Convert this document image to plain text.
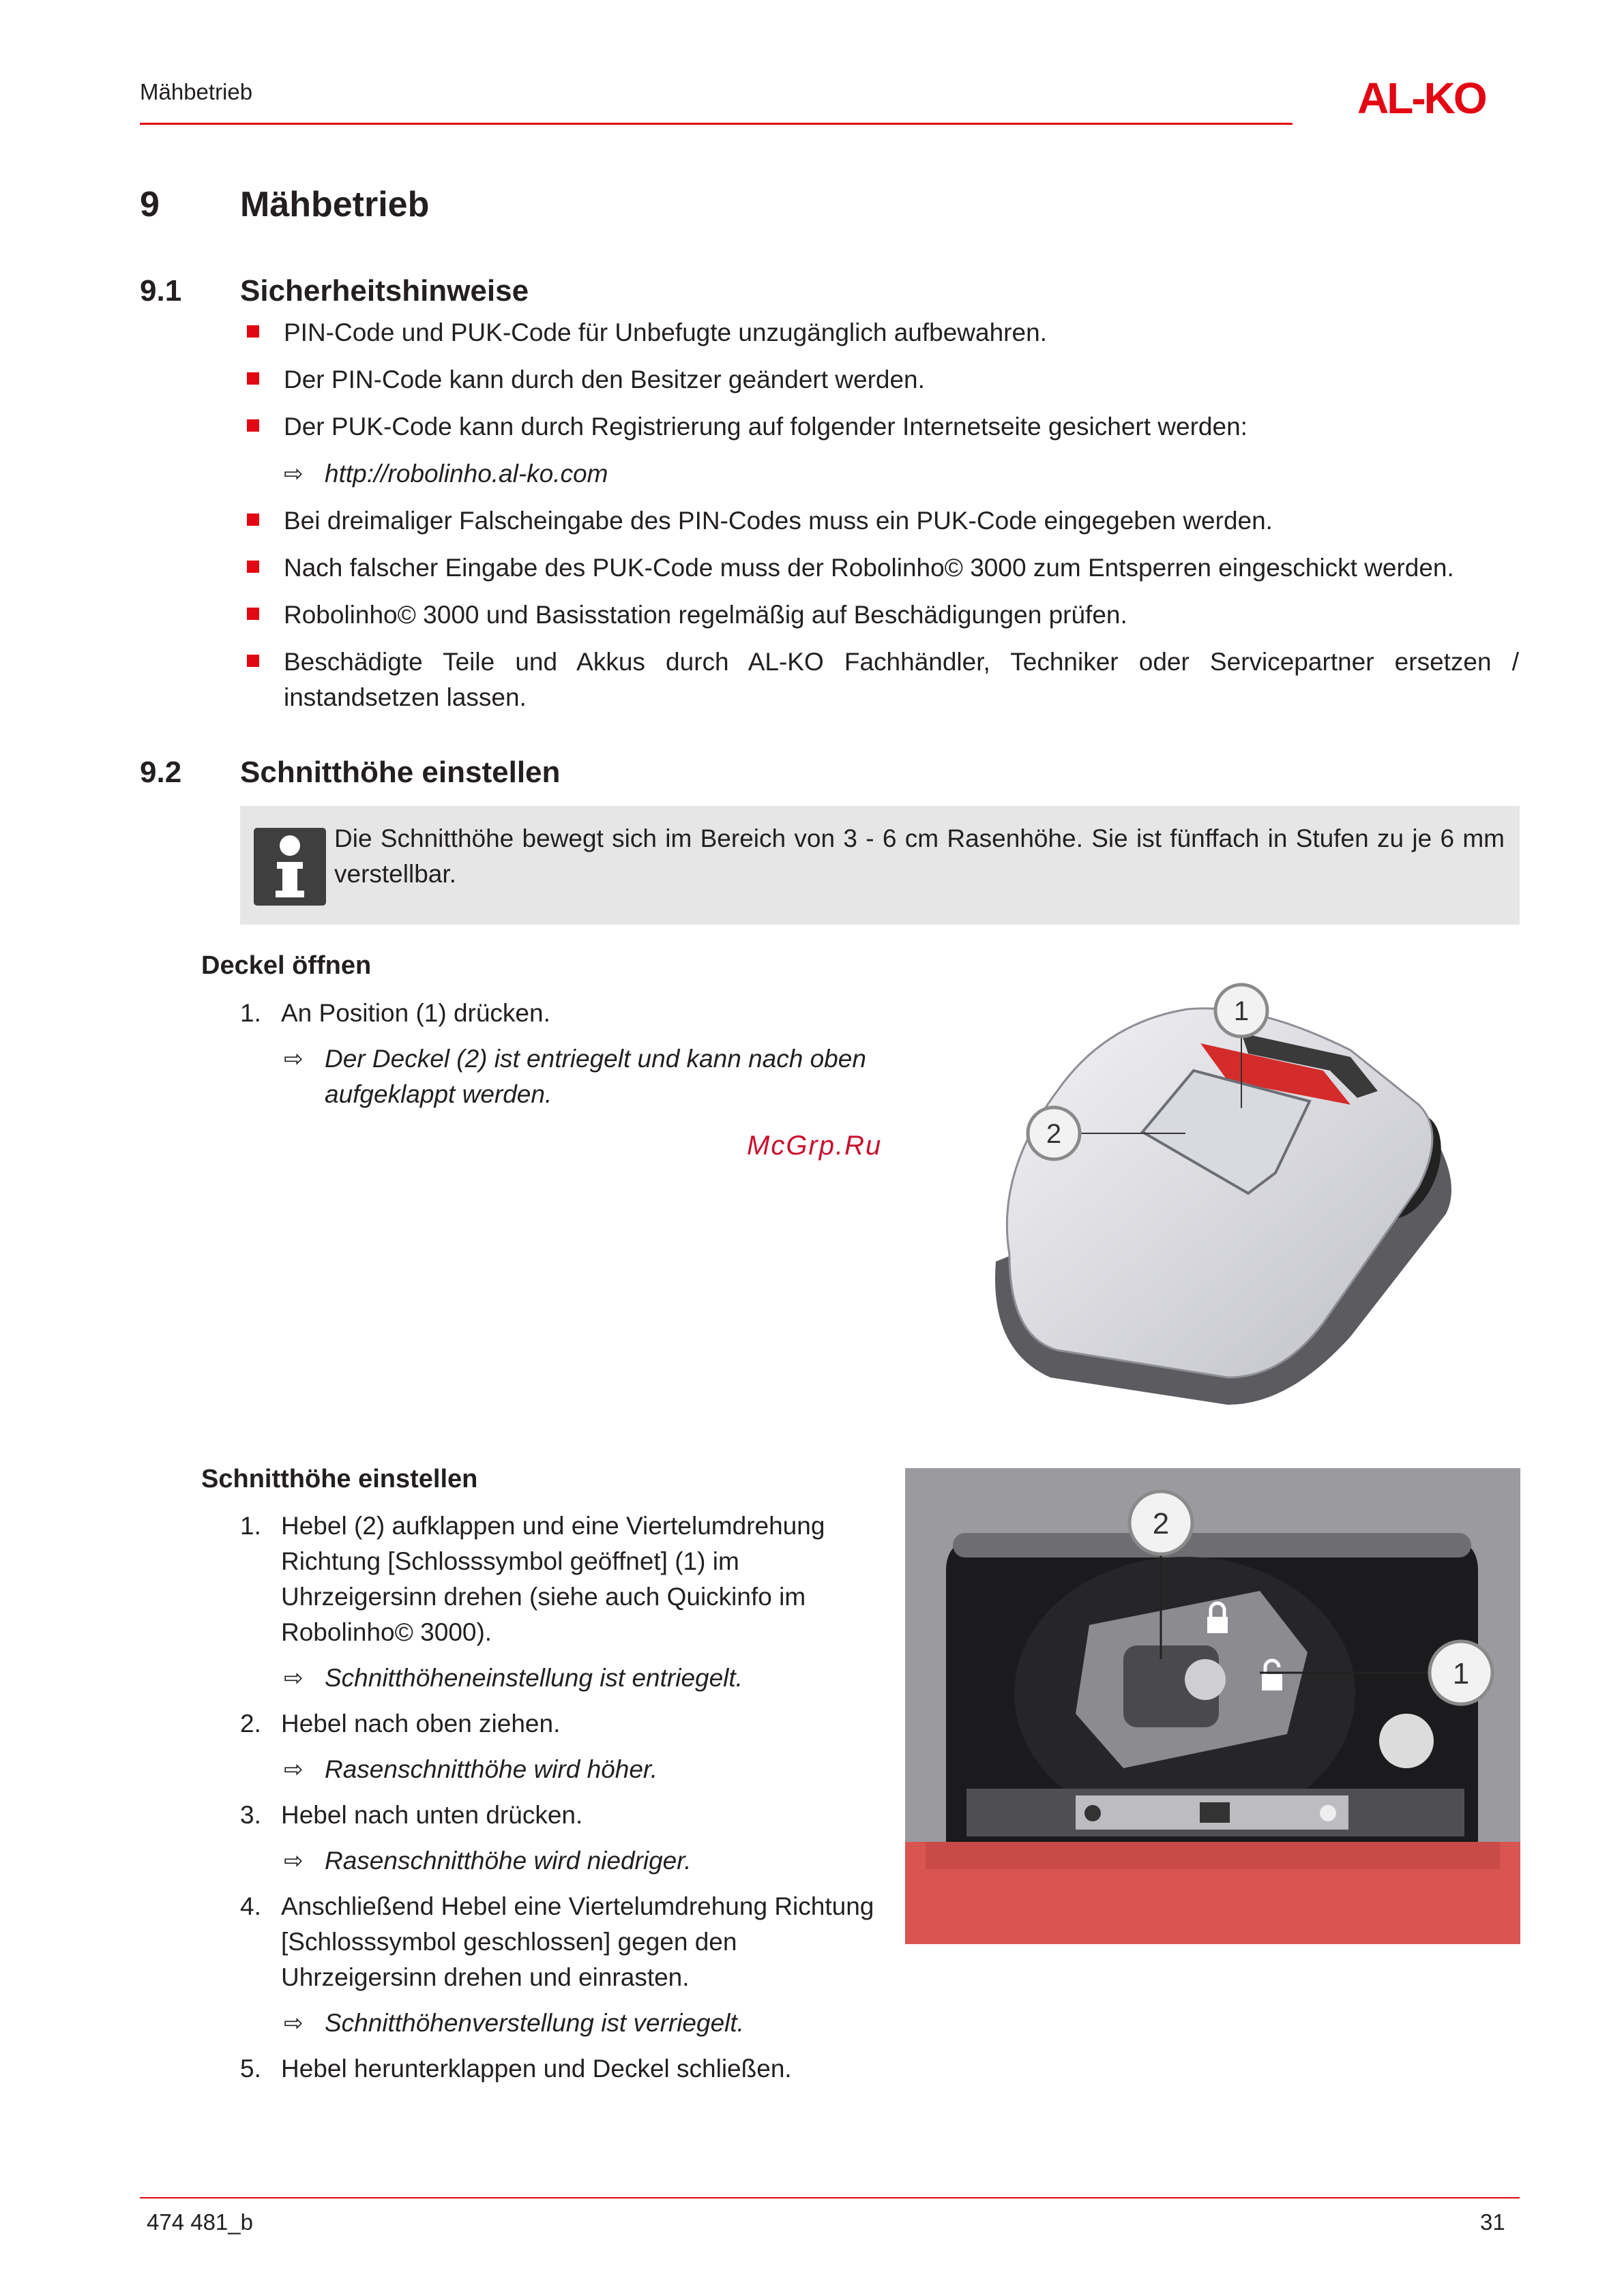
Mähbetrieb	AL-KO
9 Mähbetrieb
9.1 Sicherheitshinweise
PIN-Code und PUK-Code für Unbefugte unzugänglich aufbewahren.
Der PIN-Code kann durch den Besitzer geändert werden.
Der PUK-Code kann durch Registrierung auf folgender Internetseite gesichert werden:
⇨ http://robolinho.al-ko.com
Bei dreimaliger Falscheingabe des PIN-Codes muss ein PUK-Code eingegeben werden.
Nach falscher Eingabe des PUK-Code muss der Robolinho© 3000 zum Entsperren eingeschickt werden.
Robolinho© 3000 und Basisstation regelmäßig auf Beschädigungen prüfen.
Beschädigte Teile und Akkus durch AL-KO Fachhändler, Techniker oder Servicepartner ersetzen / instandsetzen lassen.
9.2 Schnitthöhe einstellen
Die Schnitthöhe bewegt sich im Bereich von 3 - 6 cm Rasenhöhe. Sie ist fünffach in Stufen zu je 6 mm verstellbar.
Deckel öffnen
1. An Position (1) drücken.
⇨ Der Deckel (2) ist entriegelt und kann nach oben aufgeklappt werden.
McGrp.Ru
1
2
Schnitthöhe einstellen
1. Hebel (2) aufklappen und eine Viertelumdrehung Richtung [Schlosssymbol geöffnet] (1) im Uhrzeigersinn drehen (siehe auch Quickinfo im Robolinho© 3000).
⇨ Schnitthöheneinstellung ist entriegelt.
2. Hebel nach oben ziehen.
⇨ Rasenschnitthöhe wird höher.
3. Hebel nach unten drücken.
⇨ Rasenschnitthöhe wird niedriger.
4. Anschließend Hebel eine Viertelumdrehung Richtung [Schlosssymbol geschlossen] gegen den Uhrzeigersinn drehen und einrasten.
⇨ Schnitthöhenverstellung ist verriegelt.
5. Hebel herunterklappen und Deckel schließen.
2
1
474 481_b	31
